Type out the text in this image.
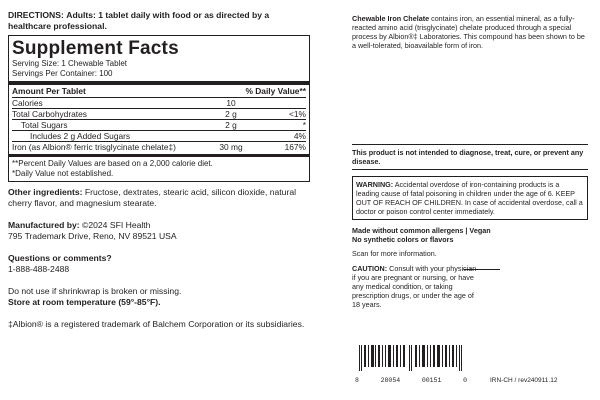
DIRECTIONS: Adults: 1 tablet daily with food or as directed by a healthcare professional.
Supplement Facts
Serving Size: 1 Chewable Tablet
Servings Per Container: 100
Amount Per Tablet	% Daily Value**
Calories	10
Total Carbohydrates	2 g	<1%
Total Sugars	2 g	*
Includes 2 g Added Sugars	4%
Iron (as Albion® ferric trisglycinate chelate‡)	30 mg	167%
**Percent Daily Values are based on a 2,000 calorie diet.
*Daily Value not established.
Other ingredients: Fructose, dextrates, stearic acid, silicon dioxide, natural cherry flavor, and magnesium stearate.
Manufactured by: ©2024 SFI Health
795 Trademark Drive, Reno, NV 89521 USA
Questions or comments?
1-888-488-2488
Do not use if shrinkwrap is broken or missing.
Store at room temperature (59°-85°F).
‡Albion® is a registered trademark of Balchem Corporation or its subsidiaries.
Chewable Iron Chelate contains iron, an essential mineral, as a fully-reacted amino acid (trisglycinate) chelate produced through a special process by Albion®‡ Laboratories. This compound has been shown to be a well-tolerated, bioavailable form of iron.
This product is not intended to diagnose, treat, cure, or prevent any disease.
WARNING: Accidental overdose of iron-containing products is a leading cause of fatal poisoning in children under the age of 6. KEEP OUT OF REACH OF CHILDREN. In case of accidental overdose, call a doctor or poison control center immediately.
Made without common allergens | Vegan
No synthetic colors or flavors
Scan for more information.
CAUTION: Consult with your physician if you are pregnant or nursing, or have any medical condition, or taking prescription drugs, or under the age of 18 years.
8	28054	00151	0	IRN-CH / rev240911.12
